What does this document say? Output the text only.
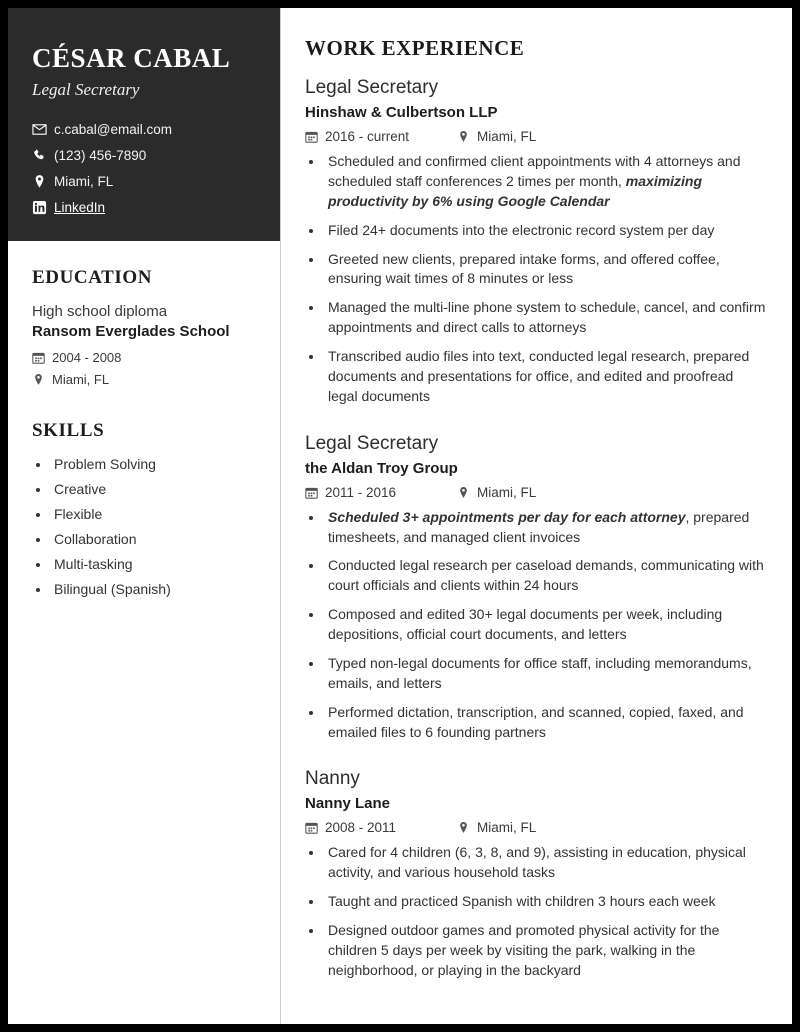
CÉSAR CABAL
Legal Secretary
c.cabal@email.com
(123) 456-7890
Miami, FL
LinkedIn
EDUCATION
High school diploma
Ransom Everglades School
2004 - 2008
Miami, FL
SKILLS
• Problem Solving
• Creative
• Flexible
• Collaboration
• Multi-tasking
• Bilingual (Spanish)
WORK EXPERIENCE
Legal Secretary
Hinshaw & Culbertson LLP
2016 - current	Miami, FL
• Scheduled and confirmed client appointments with 4 attorneys and scheduled staff conferences 2 times per month, maximizing productivity by 6% using Google Calendar
• Filed 24+ documents into the electronic record system per day
• Greeted new clients, prepared intake forms, and offered coffee, ensuring wait times of 8 minutes or less
• Managed the multi-line phone system to schedule, cancel, and confirm appointments and direct calls to attorneys
• Transcribed audio files into text, conducted legal research, prepared documents and presentations for office, and edited and proofread legal documents
Legal Secretary
the Aldan Troy Group
2011 - 2016	Miami, FL
• Scheduled 3+ appointments per day for each attorney, prepared timesheets, and managed client invoices
• Conducted legal research per caseload demands, communicating with court officials and clients within 24 hours
• Composed and edited 30+ legal documents per week, including depositions, official court documents, and letters
• Typed non-legal documents for office staff, including memorandums, emails, and letters
• Performed dictation, transcription, and scanned, copied, faxed, and emailed files to 6 founding partners
Nanny
Nanny Lane
2008 - 2011	Miami, FL
• Cared for 4 children (6, 3, 8, and 9), assisting in education, physical activity, and various household tasks
• Taught and practiced Spanish with children 3 hours each week
• Designed outdoor games and promoted physical activity for the children 5 days per week by visiting the park, walking in the neighborhood, or playing in the backyard
